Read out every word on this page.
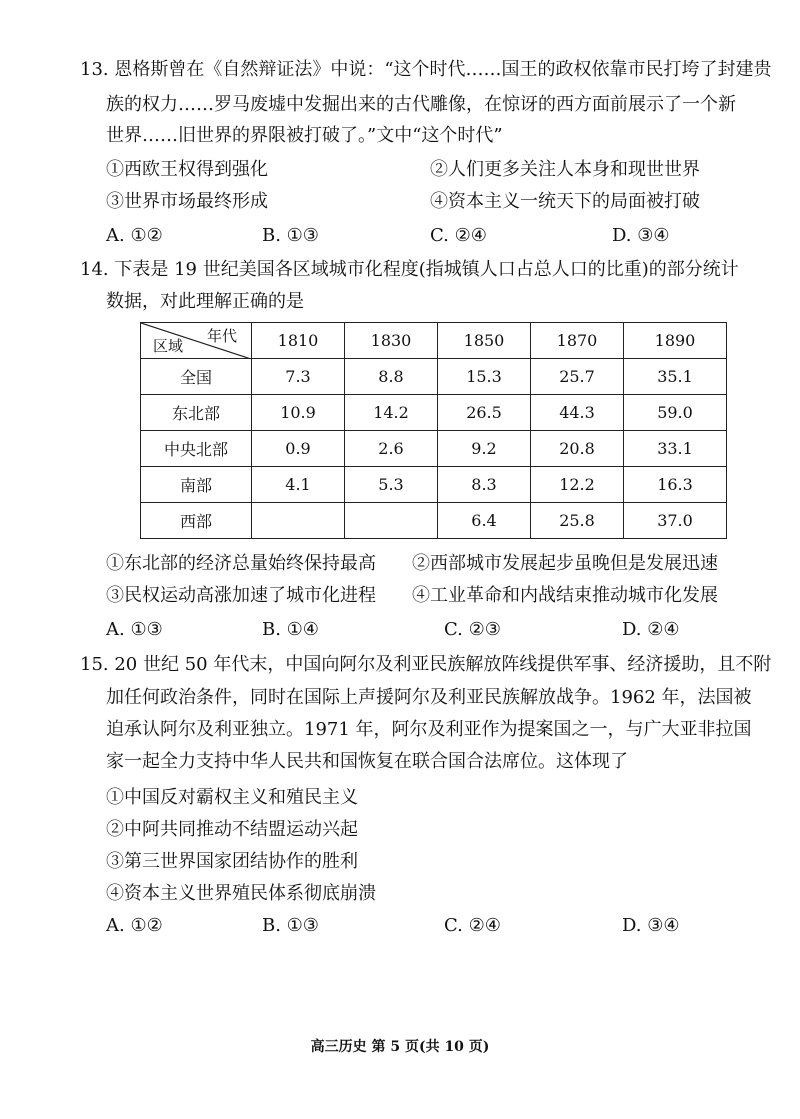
13. 恩格斯曾在《自然辩证法》中说：“这个时代……国王的政权依靠市民打垮了封建贵
族的权力……罗马废墟中发掘出来的古代雕像，在惊讶的西方面前展示了一个新
世界……旧世界的界限被打破了。”文中“这个时代”
①西欧王权得到强化	②人们更多关注人本身和现世世界
③世界市场最终形成	④资本主义一统天下的局面被打破
A. ①②	B. ①③	C. ②④	D. ③④
14. 下表是 19 世纪美国各区域城市化程度(指城镇人口占总人口的比重)的部分统计
数据，对此理解正确的是
年代
区域	1810	1830	1850	1870	1890
全国	7.3	8.8	15.3	25.7	35.1
东北部	10.9	14.2	26.5	44.3	59.0
中央北部	0.9	2.6	9.2	20.8	33.1
南部	4.1	5.3	8.3	12.2	16.3
西部			6.4	25.8	37.0
①东北部的经济总量始终保持最高 ②西部城市发展起步虽晚但是发展迅速
③民权运动高涨加速了城市化进程 ④工业革命和内战结束推动城市化发展
A. ①③	B. ①④	C. ②③	D. ②④
15. 20 世纪 50 年代末，中国向阿尔及利亚民族解放阵线提供军事、经济援助，且不附
加任何政治条件，同时在国际上声援阿尔及利亚民族解放战争。1962 年，法国被
迫承认阿尔及利亚独立。1971 年，阿尔及利亚作为提案国之一，与广大亚非拉国
家一起全力支持中华人民共和国恢复在联合国合法席位。这体现了
①中国反对霸权主义和殖民主义
②中阿共同推动不结盟运动兴起
③第三世界国家团结协作的胜利
④资本主义世界殖民体系彻底崩溃
A. ①②	B. ①③	C. ②④	D. ③④
高三历史 第 5 页(共 10 页)
